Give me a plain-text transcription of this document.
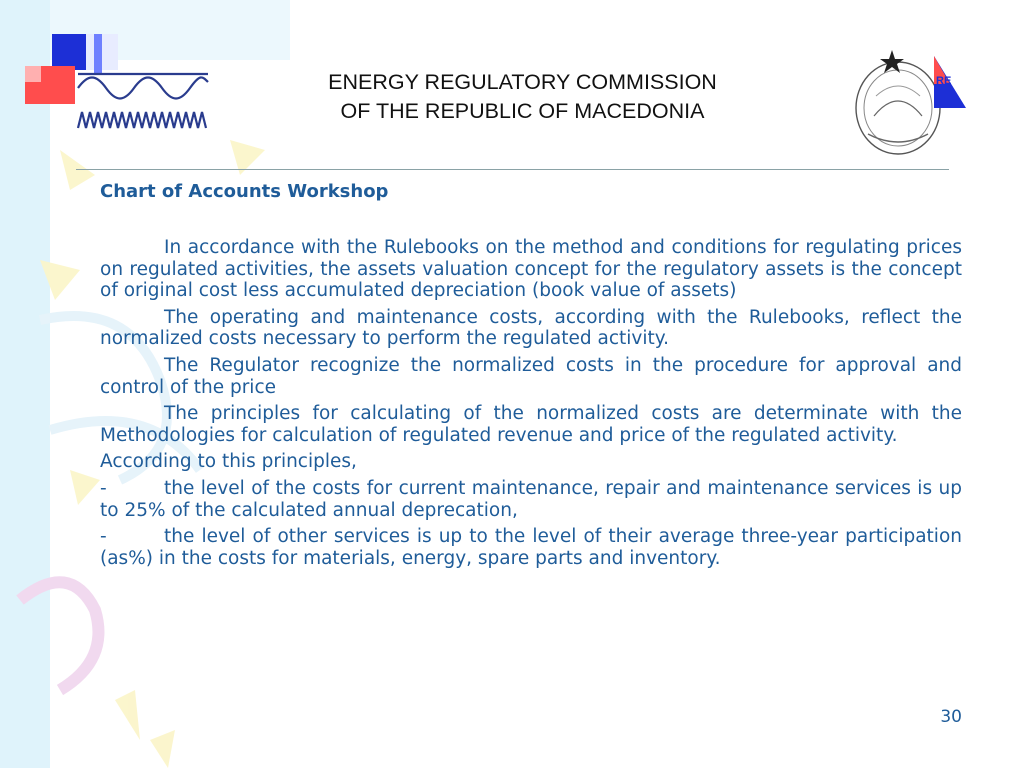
ENERGY REGULATORY COMMISSION
OF THE REPUBLIC OF MACEDONIA
RE
Chart of Accounts Workshop

In accordance with the Rulebooks on the method and conditions for regulating prices on regulated activities, the assets valuation concept for the regulatory assets is the concept of original cost less accumulated depreciation (book value of assets)

The operating and maintenance costs, according with the Rulebooks, reflect the normalized costs necessary to perform the regulated activity.

The Regulator recognize the normalized costs in the procedure for approval and control of the price

The principles for calculating of the normalized costs are determinate with the Methodologies for calculation of regulated revenue and price of the regulated activity.

According to this principles,

-	the level of the costs for current maintenance, repair and maintenance services is up to 25% of the calculated annual deprecation,

-	the level of other services is up to the level of their average three-year participation (as%) in the costs for materials, energy, spare parts and inventory.

30
